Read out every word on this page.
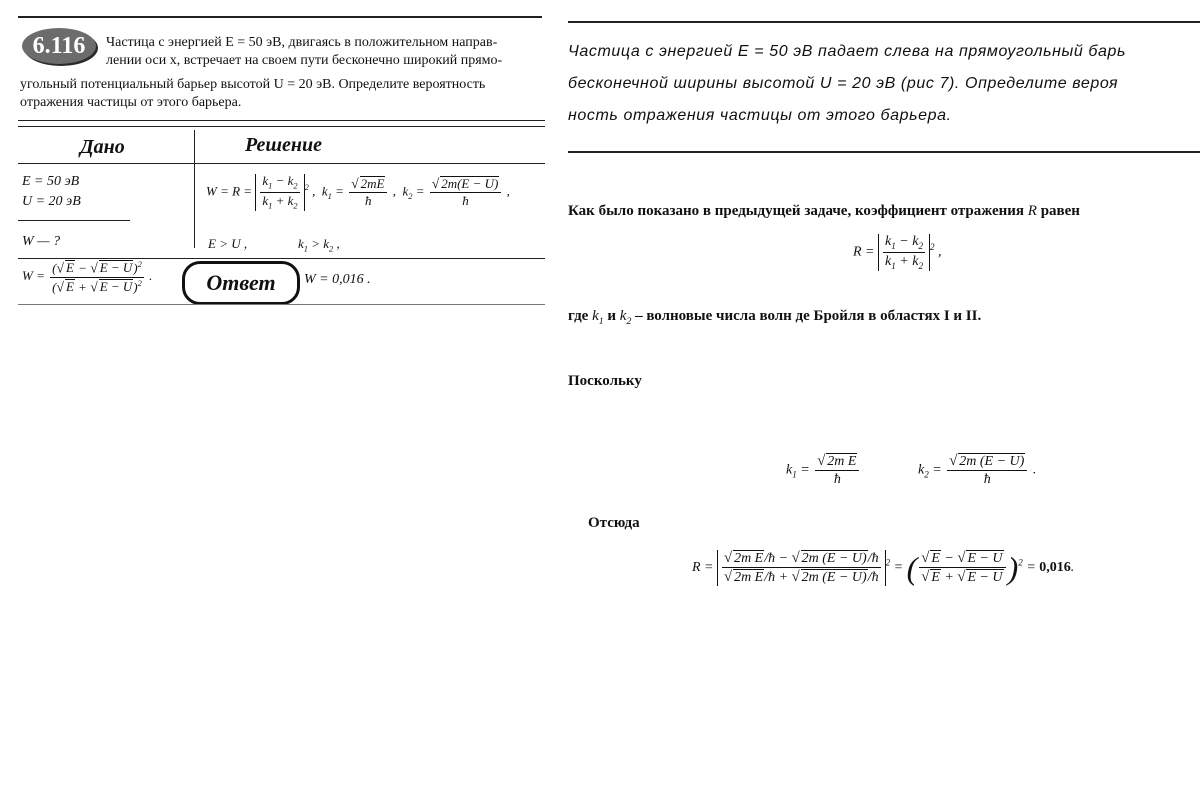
6.116	Частица с энергией E = 50 эВ, двигаясь в положительном направ-
лении оси x, встречает на своем пути бесконечно широкий прямо-
угольный потенциальный барьер высотой U = 20 эВ. Определите вероятность
отражения частицы от этого барьера.
Дано	Решение
E = 50 эВ
U = 20 эВ
W — ?
$W = R = \frac{k_1 - k_2}{k_1 + k_2} ^2$ ,  $k_1 = \frac{√ 2mE}{ħ}$ ,  $k_2 = \frac{√ 2m(E - U)}{ħ}$ ,
E > U ,	$k_1 > k_2$ ,
$W = \frac{(√ E - √ E - U)^2}{(√ E + √ E - U)^2}$ . Ответ W = 0,016 .
Частица с энергией E = 50 эВ падает слева на прямоугольный барь
бесконечной ширины высотой U = 20 эВ (рис 7). Определите вероя
ность отражения частицы от этого барьера.
Как было показано в предыдущей задаче, коэффициент отражения R равен
$R = \frac{k_1 - k_2}{k_1 + k_2} ^2$ ,
где $k_1$ и $k_2$ – волновые числа волн де Бройля в областях I и II.
Поскольку
$k_1 = \frac{\text{√ 2m E}}{ħ}$	$k_2 = \frac{√ 2m (E - U)}{ħ}$ .
Отсюда
$R = \frac{\text{√ 2m E/ħ − √ 2m (E − U)/ħ}}{\text{√ 2m E/ħ + √ 2m (E − U)/ħ}} ^2$ = ( $\frac{√ E - √ E - U}{√ E + √ E - U} )^2 = 0,016$.
